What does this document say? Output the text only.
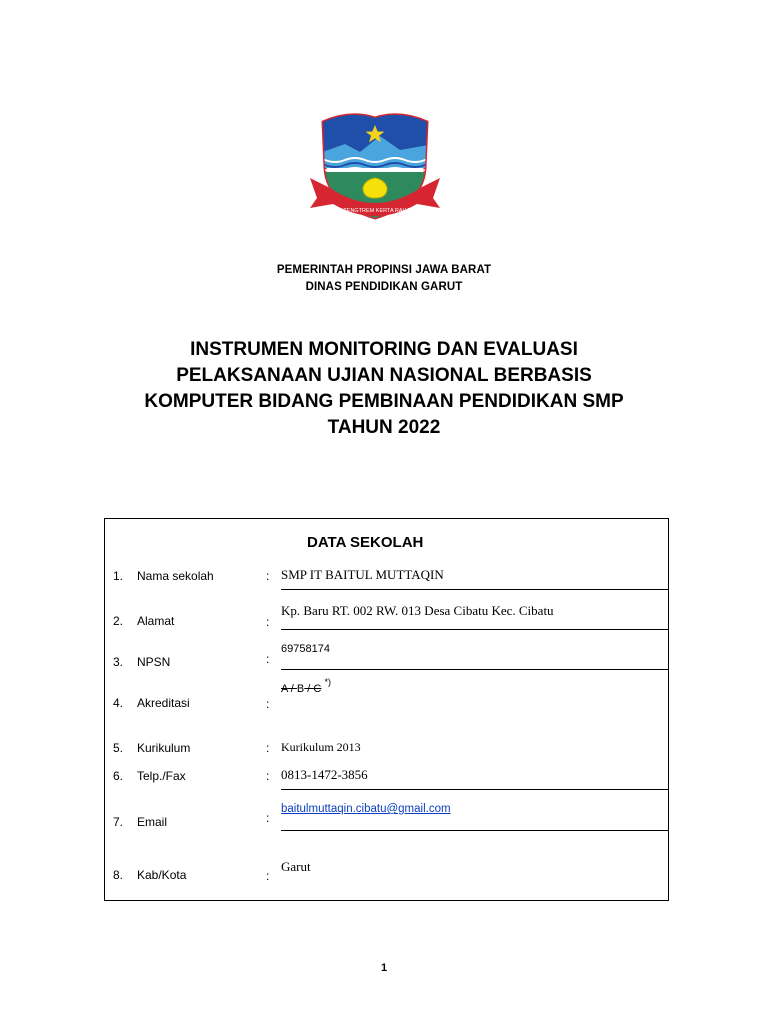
TATA TENGTREM KERTA RAHARJA
PEMERINTAH PROPINSI JAWA BARAT
DINAS PENDIDIKAN GARUT
INSTRUMEN MONITORING DAN EVALUASI
PELAKSANAAN UJIAN NASIONAL BERBASIS
KOMPUTER BIDANG PEMBINAAN PENDIDIKAN SMP
TAHUN 2022
DATA SEKOLAH
1. Nama sekolah	: SMP IT BAITUL MUTTAQIN
2. Alamat	:
Kp. Baru RT. 002 RW. 013 Desa Cibatu Kec. Cibatu
3. NPSN	:
69758174
4. Akreditasi	:
A / B / C *)
5. Kurikulum	: Kurikulum 2013
6. Telp./Fax	: 0813-1472-3856
7. Email	:
baitulmuttaqin.cibatu@gmail.com
8. Kab/Kota	:
Garut
1
